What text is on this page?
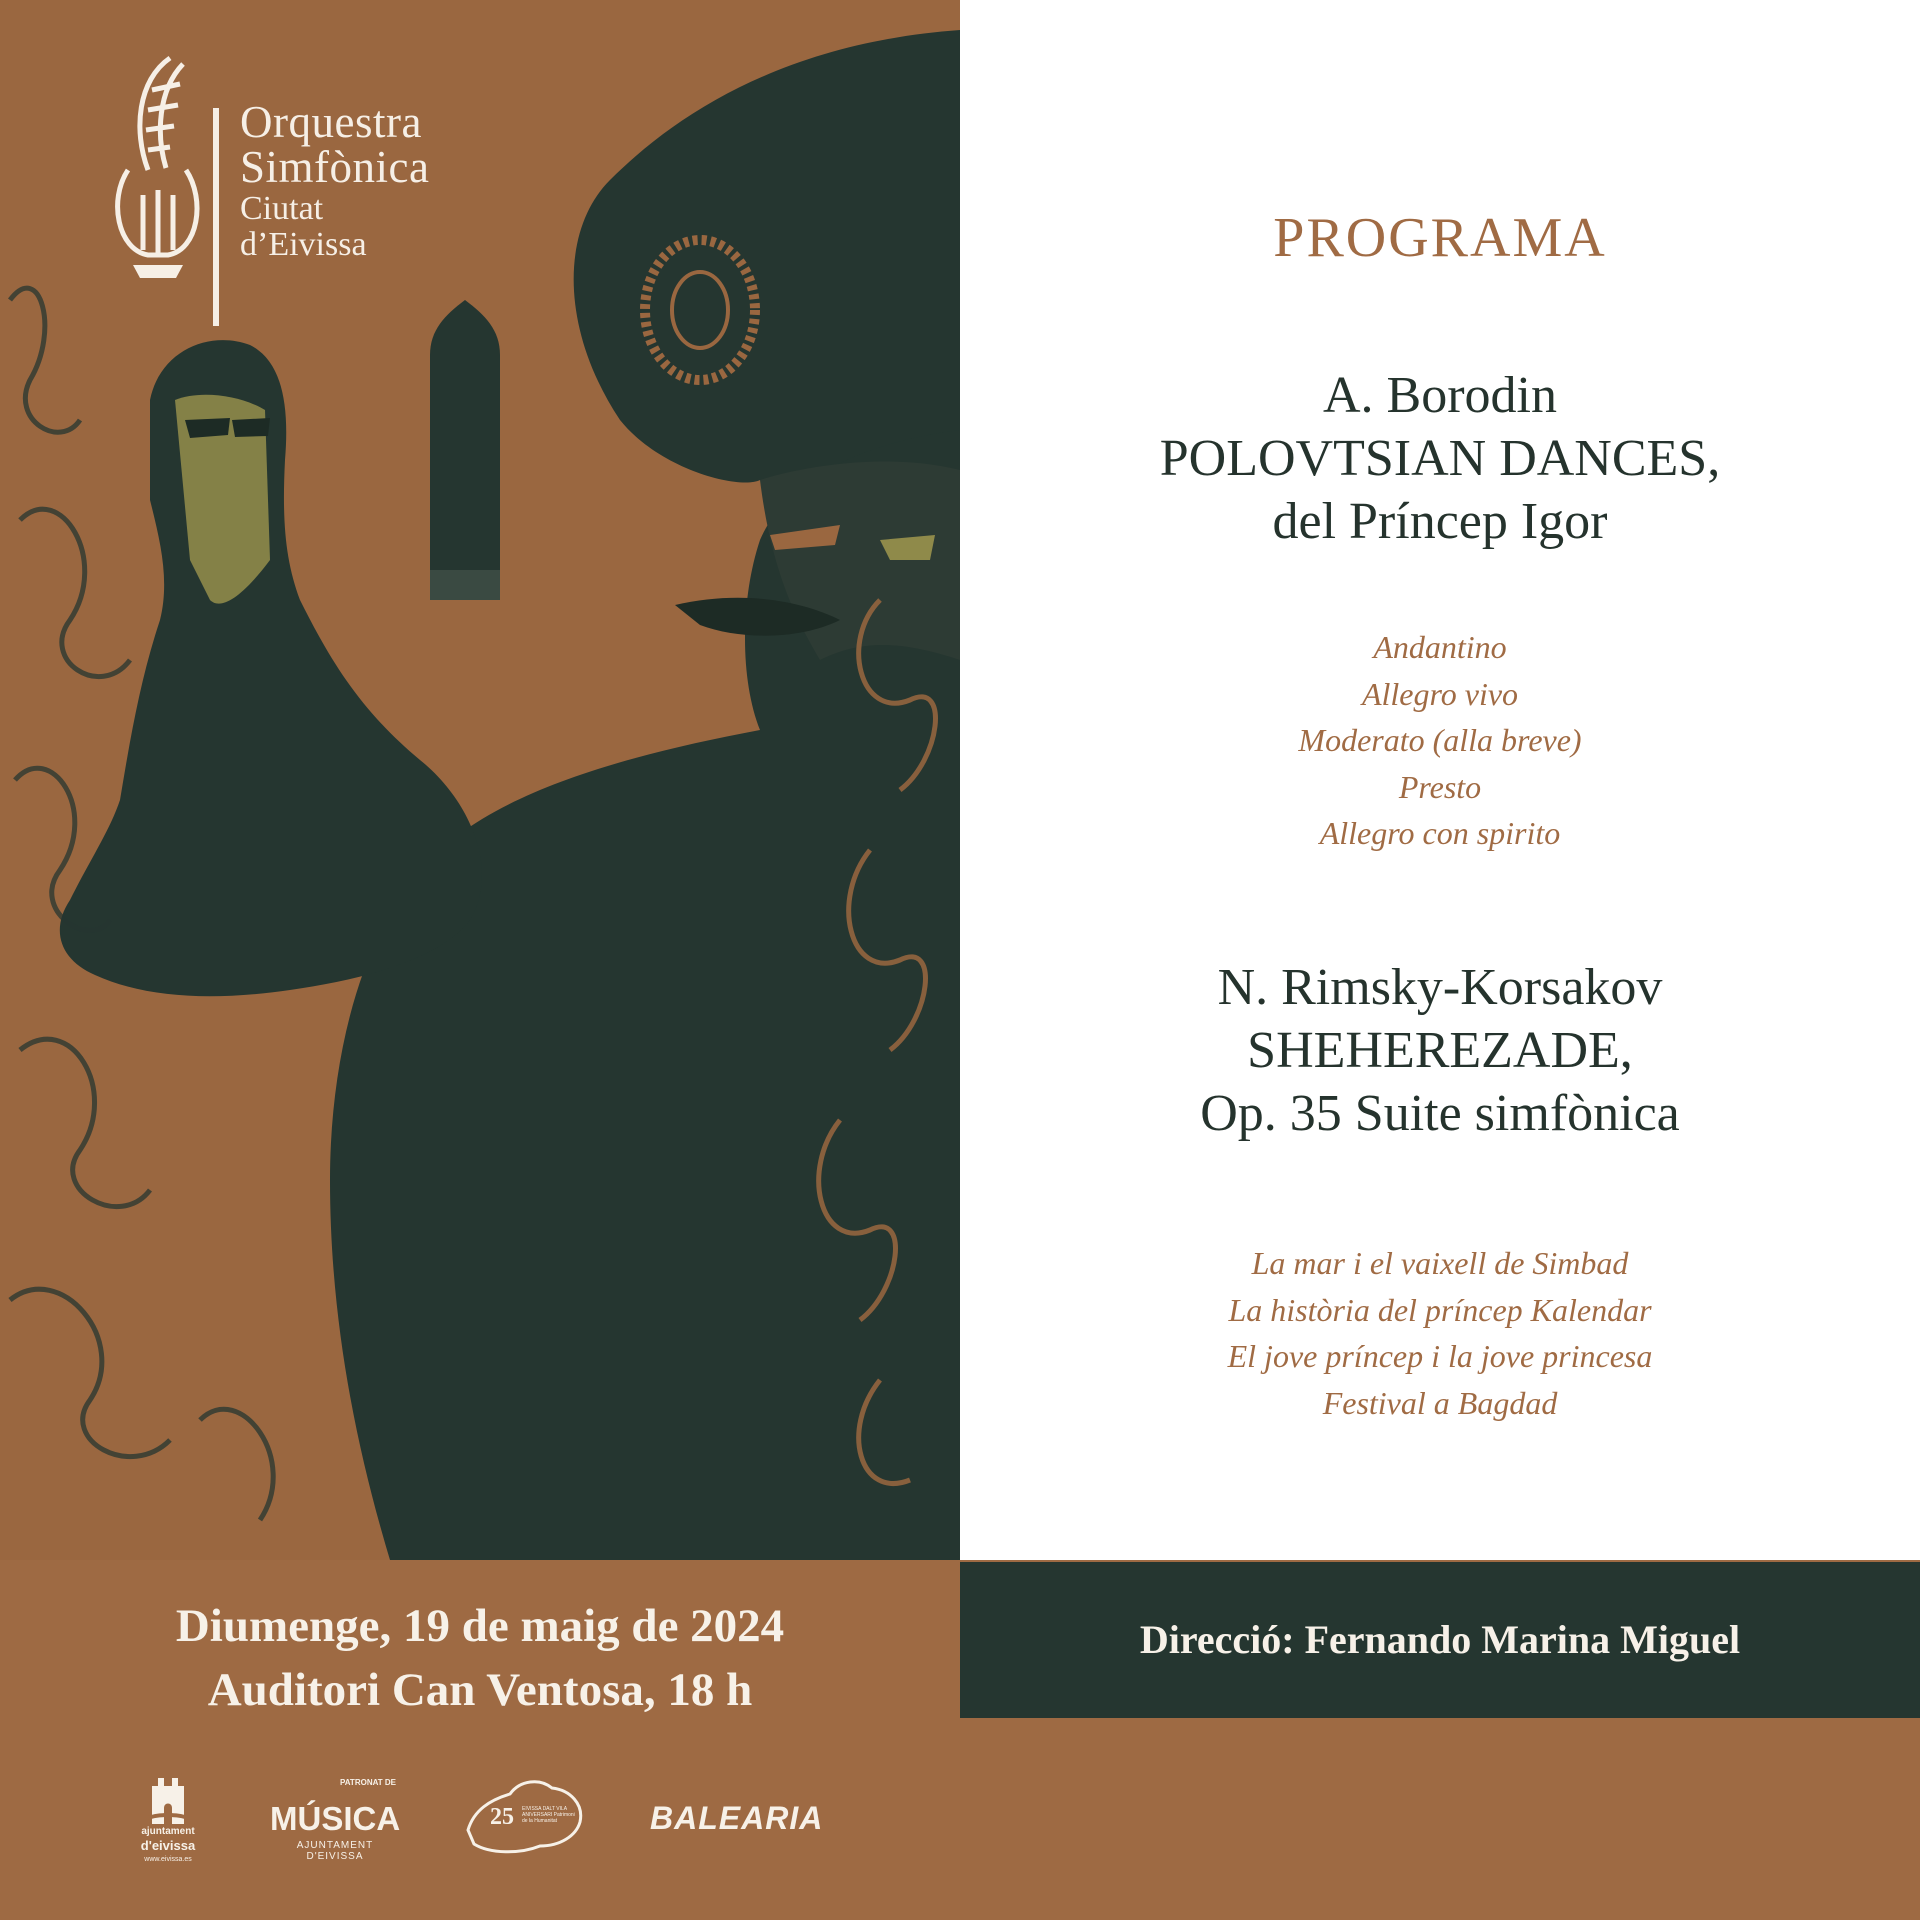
Orquestra
Simfònica
Ciutat
d’Eivissa	PROGRAMA
A. Borodin
POLOVTSIAN DANCES,
del Príncep Igor
Andantino
Allegro vivo
Moderato (alla breve)
Presto
Allegro con spirito
N. Rimsky-Korsakov
SHEHEREZADE,
Op. 35 Suite simfònica
La mar i el vaixell de Simbad
La història del príncep Kalendar
El jove príncep i la jove princesa
Festival a Bagdad
Diumenge, 19 de maig de 2024
Auditori Can Ventosa, 18 h
Direcció: Fernando Marina Miguel
ajuntament
d'eivissa
www.eivissa.es
PATRONAT DE
MÚSICA
AJUNTAMENT D'EIVISSA
25 EIVISSA DALT VILA ANIVERSARI Patrimoni de la Humanitat	BALEARIA
